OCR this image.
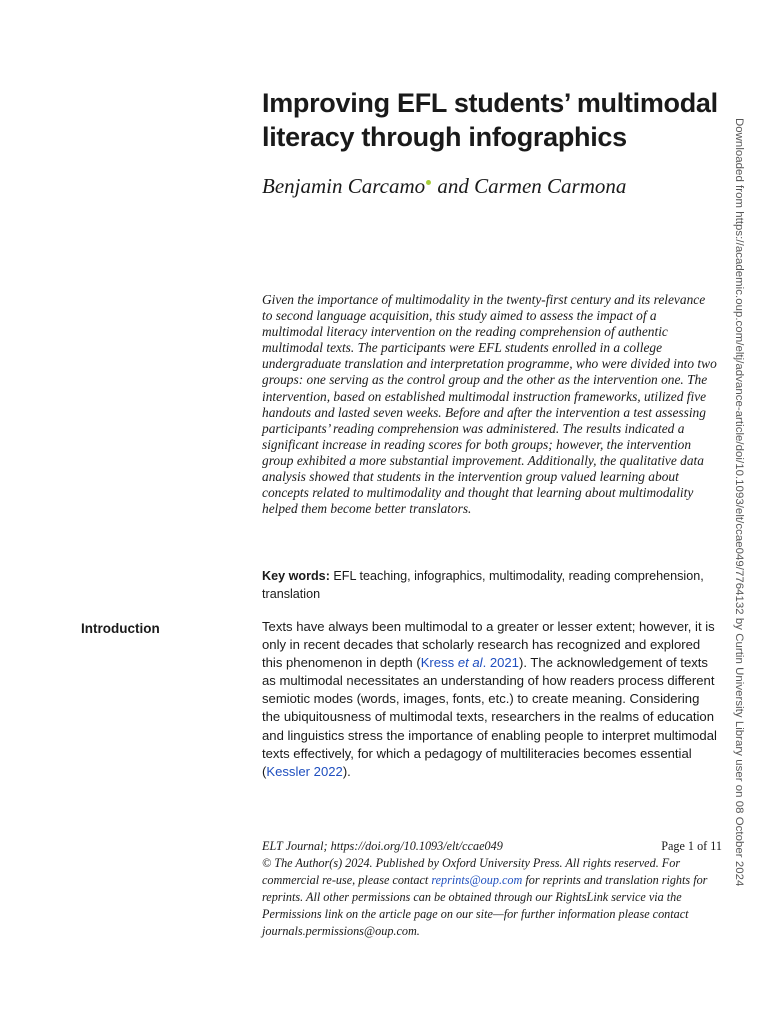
Improving EFL students’ multimodal literacy through infographics
Benjamin Carcamo and Carmen Carmona

Given the importance of multimodality in the twenty-first century and its relevance to second language acquisition, this study aimed to assess the impact of a multimodal literacy intervention on the reading comprehension of authentic multimodal texts. The participants were EFL students enrolled in a college undergraduate translation and interpretation programme, who were divided into two groups: one serving as the control group and the other as the intervention one. The intervention, based on established multimodal instruction frameworks, utilized five handouts and lasted seven weeks. Before and after the intervention a test assessing participants’ reading comprehension was administered. The results indicated a significant increase in reading scores for both groups; however, the intervention group exhibited a more substantial improvement. Additionally, the qualitative data analysis showed that students in the intervention group valued learning about concepts related to multimodality and thought that learning about multimodality helped them become better translators.

Key words: EFL teaching, infographics, multimodality, reading comprehension, translation
Introduction	Texts have always been multimodal to a greater or lesser extent; however, it is only in recent decades that scholarly research has recognized and explored this phenomenon in depth (Kress et al. 2021). The acknowledgement of texts as multimodal necessitates an understanding of how readers process different semiotic modes (words, images, fonts, etc.) to create meaning. Considering the ubiquitousness of multimodal texts, researchers in the realms of education and linguistics stress the importance of enabling people to interpret multimodal texts effectively, for which a pedagogy of multiliteracies becomes essential (Kessler 2022).

ELT Journal; https://doi.org/10.1093/elt/ccae049	Page 1 of 11
© The Author(s) 2024. Published by Oxford University Press. All rights reserved. For commercial re-use, please contact reprints@oup.com for reprints and translation rights for reprints. All other permissions can be obtained through our RightsLink service via the Permissions link on the article page on our site—for further information please contact journals.permissions@oup.com.
Downloaded from https://academic.oup.com/eltj/advance-article/doi/10.1093/elt/ccae049/7764132 by Curtin University Library user on 08 October 2024
